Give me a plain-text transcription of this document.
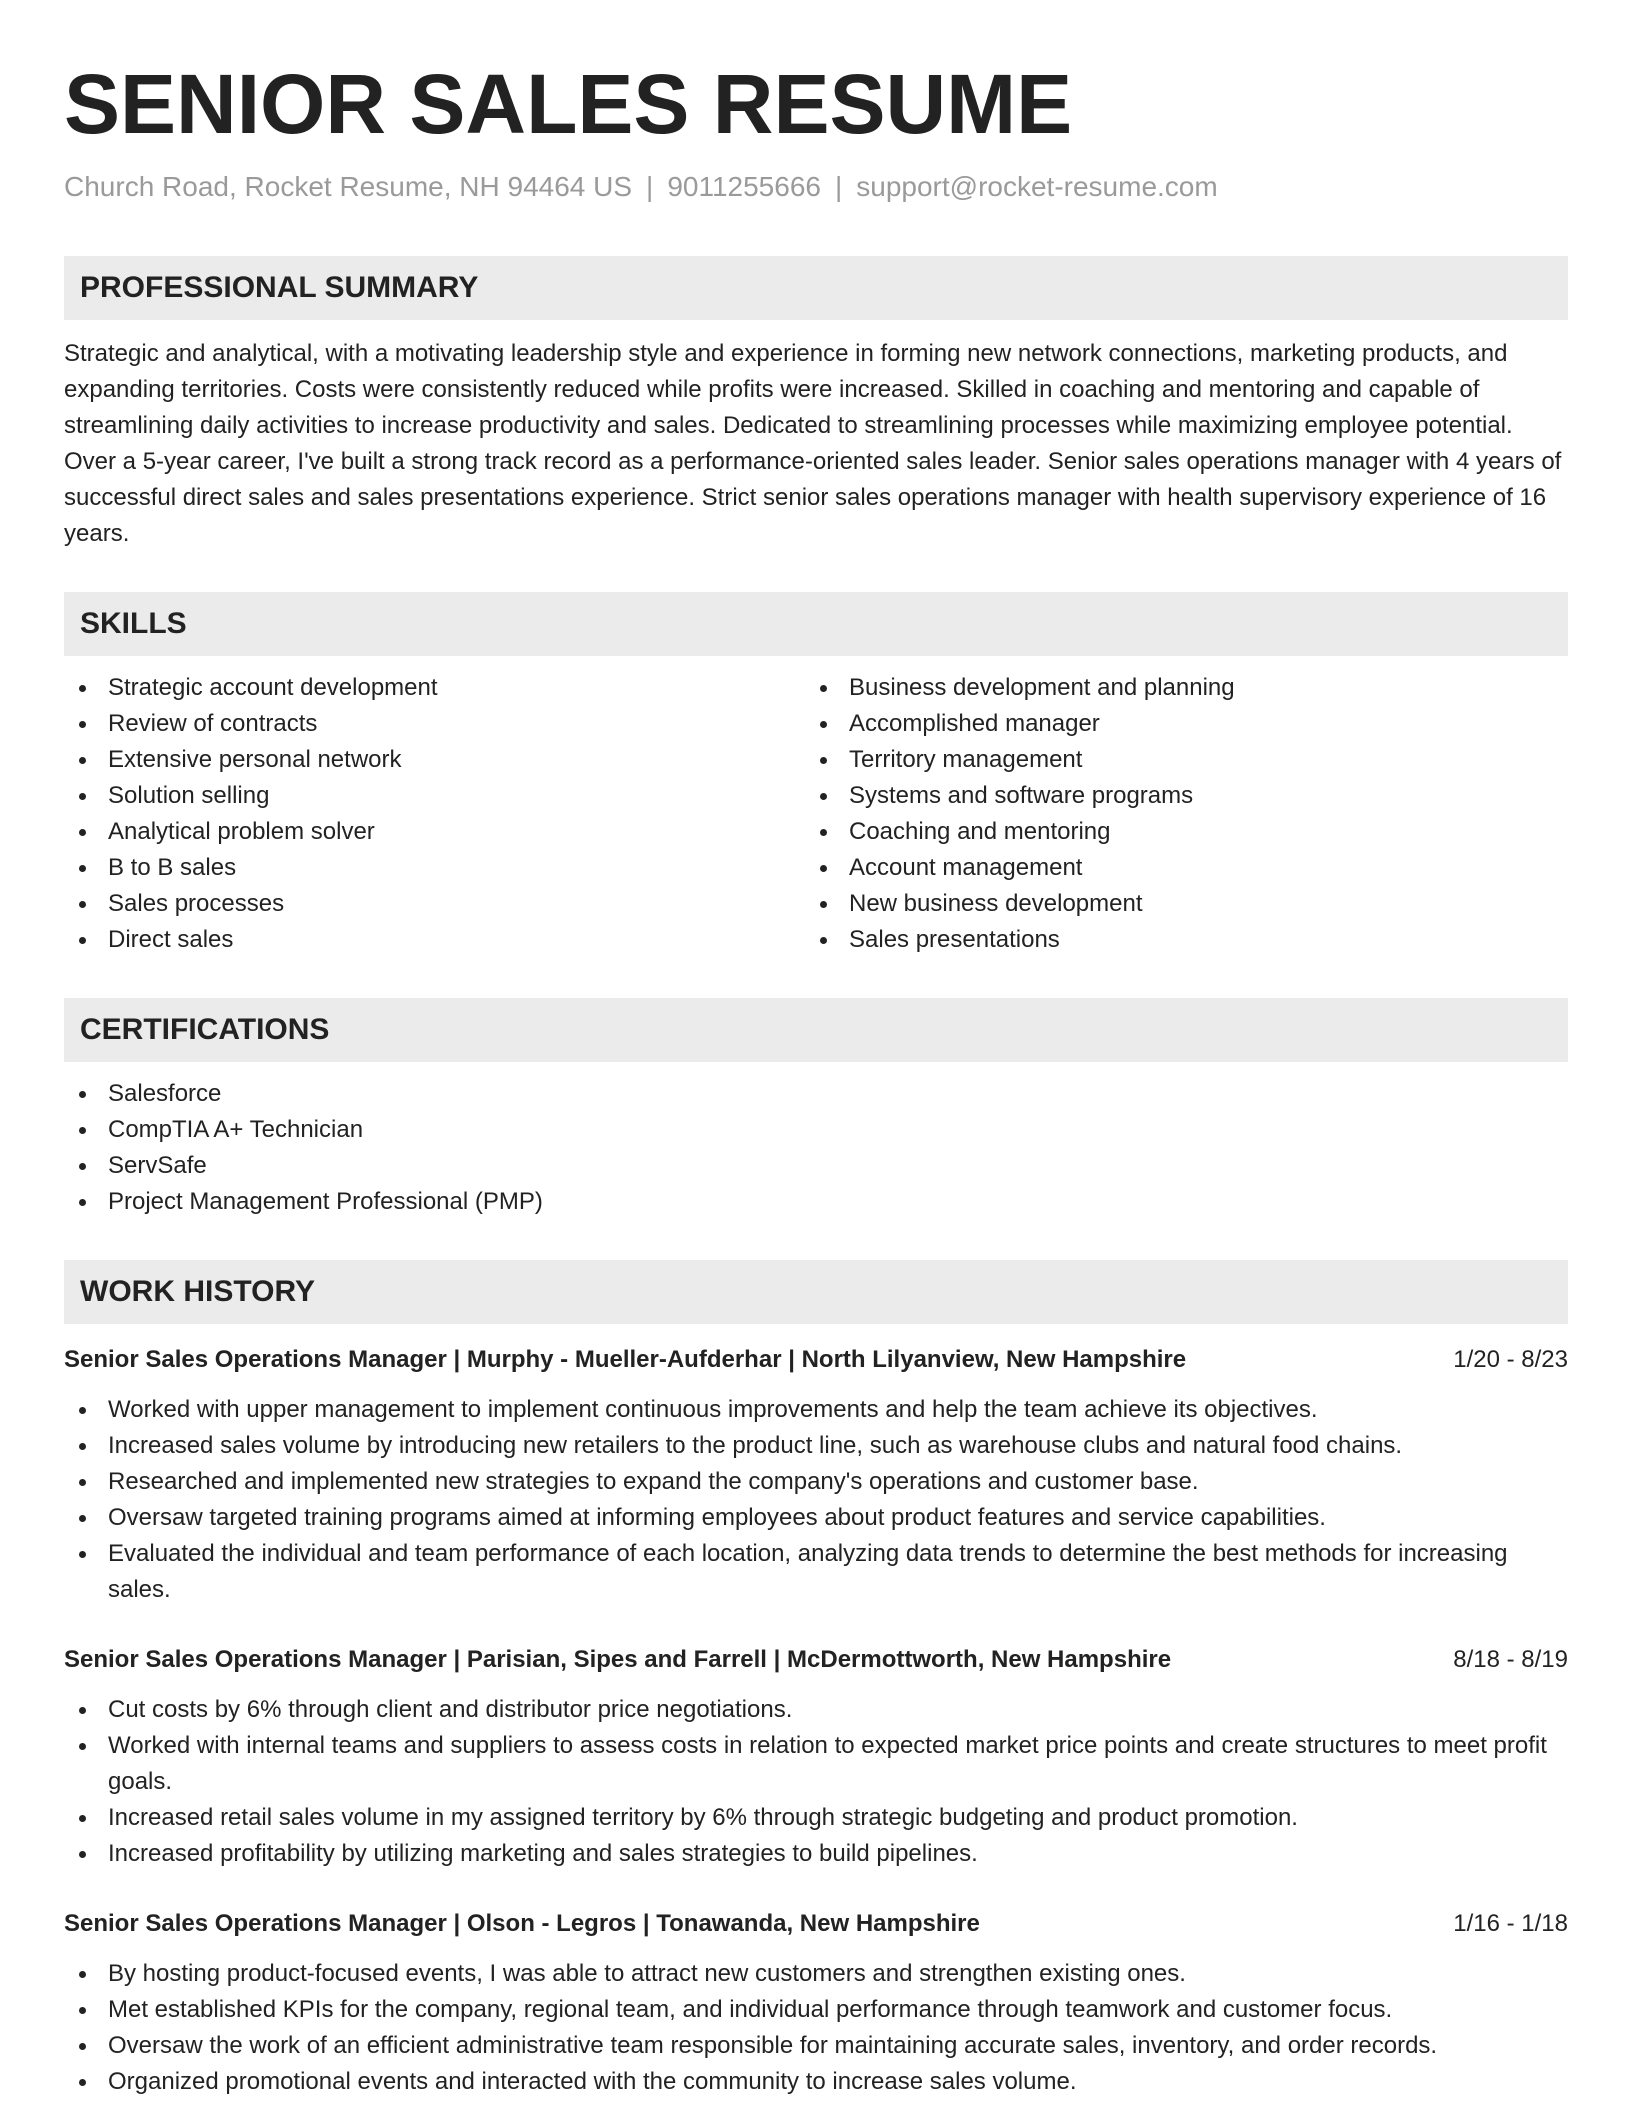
SENIOR SALES RESUME
Church Road, Rocket Resume, NH 94464 US | 9011255666 | support@rocket-resume.com
PROFESSIONAL SUMMARY
Strategic and analytical, with a motivating leadership style and experience in forming new network connections, marketing products, and expanding territories. Costs were consistently reduced while profits were increased. Skilled in coaching and mentoring and capable of streamlining daily activities to increase productivity and sales. Dedicated to streamlining processes while maximizing employee potential. Over a 5-year career, I've built a strong track record as a performance-oriented sales leader. Senior sales operations manager with 4 years of successful direct sales and sales presentations experience. Strict senior sales operations manager with health supervisory experience of 16 years.
SKILLS
Strategic account development
Review of contracts
Extensive personal network
Solution selling
Analytical problem solver
B to B sales
Sales processes
Direct sales
Business development and planning
Accomplished manager
Territory management
Systems and software programs
Coaching and mentoring
Account management
New business development
Sales presentations
CERTIFICATIONS
Salesforce
CompTIA A+ Technician
ServSafe
Project Management Professional (PMP)
WORK HISTORY
Senior Sales Operations Manager | Murphy - Mueller-Aufderhar | North Lilyanview, New Hampshire	1/20 - 8/23
Worked with upper management to implement continuous improvements and help the team achieve its objectives.
Increased sales volume by introducing new retailers to the product line, such as warehouse clubs and natural food chains.
Researched and implemented new strategies to expand the company's operations and customer base.
Oversaw targeted training programs aimed at informing employees about product features and service capabilities.
Evaluated the individual and team performance of each location, analyzing data trends to determine the best methods for increasing sales.
Senior Sales Operations Manager | Parisian, Sipes and Farrell | McDermottworth, New Hampshire	8/18 - 8/19
Cut costs by 6% through client and distributor price negotiations.
Worked with internal teams and suppliers to assess costs in relation to expected market price points and create structures to meet profit goals.
Increased retail sales volume in my assigned territory by 6% through strategic budgeting and product promotion.
Increased profitability by utilizing marketing and sales strategies to build pipelines.
Senior Sales Operations Manager | Olson - Legros | Tonawanda, New Hampshire	1/16 - 1/18
By hosting product-focused events, I was able to attract new customers and strengthen existing ones.
Met established KPIs for the company, regional team, and individual performance through teamwork and customer focus.
Oversaw the work of an efficient administrative team responsible for maintaining accurate sales, inventory, and order records.
Organized promotional events and interacted with the community to increase sales volume.
